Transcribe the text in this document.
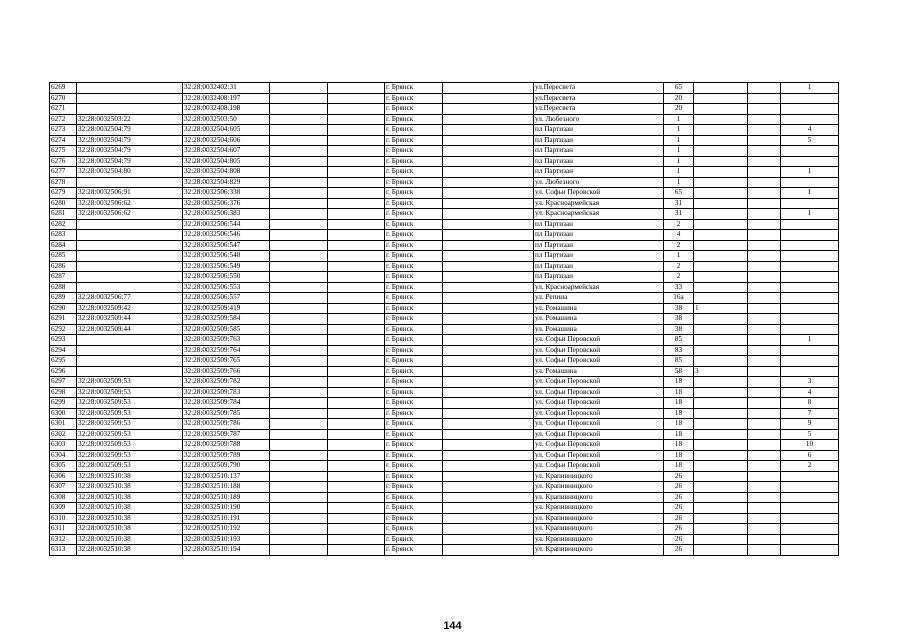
6269		32:28:0032402:31			г. Брянск		ул.Пересвета	65			1
6270		32:28:0032408:197			г. Брянск		ул.Пересвета	20			
6271		32:28:0032408:198			г. Брянск		ул.Пересвета	20			
6272	32:28:0032503:22	32:28:0032503:50			г. Брянск		ул. Любезного	1			
6273	32:28:0032504:79	32:28:0032504:605			г. Брянск		пл Партизан	1			4
6274	32:28:0032504:79	32:28:0032504:606			г. Брянск		пл Партизан	1			5
6275	32:28:0032504:79	32:28:0032504:607			г. Брянск		пл Партизан	1			
6276	32:28:0032504:79	32:28:0032504:805			г. Брянск		пл Партизан	1			
6277	32:28:0032504:80	32:28:0032504:808			г. Брянск		пл Партизан	1			1
6278		32:28:0032504:829			г. Брянск		ул. Любезного	1			
6279	32:28:0032506:91	32:28:0032506:338			г. Брянск		ул. Софьи Перовской	65			1
6280	32:28:0032506:62	32:28:0032506:376			г. Брянск		ул. Красноармейская	31			
6281	32:28:0032506:62	32:28:0032506:383			г. Брянск		ул. Красноармейская	31			1
6282		32:28:0032506:544			г. Брянск		пл Партизан	2			
6283		32:28:0032506:546			г. Брянск		пл Партизан	4			
6284		32:28:0032506:547			г. Брянск		пл Партизан	2			
6285		32:28:0032506:548			г. Брянск		пл Партизан	1			
6286		32:28:0032506:549			г. Брянск		пл Партизан	2			
6287		32:28:0032506:550			г. Брянск		пл Партизан	2			
6288		32:28:0032506:553			г. Брянск		ул. Красноармейская	33			
6289	32:28:0032506:77	32:28:0032506:557			г. Брянск		ул. Репина	16а			
6290	32:28:0032509:42	32:28:0032509:419			г. Брянск		ул. Ромашина	38	1		
6291	32:28:0032509:44	32:28:0032509:584			г. Брянск		ул. Ромашина	38			
6292	32:28:0032509:44	32:28:0032509:585			г. Брянск		ул. Ромашина	38			
6293		32:28:0032509:763			г. Брянск		ул. Софьи Перовской	85			1
6294		32:28:0032509:764			г. Брянск		ул. Софьи Перовской	83			
6295		32:28:0032509:765			г. Брянск		ул. Софьи Перовской	85			
6296		32:28:0032509:766			г. Брянск		ул. Ромашина	58	3		
6297	32:28:0032509:53	32:28:0032509:782			г. Брянск		ул. Софьи Перовской	18			3
6298	32:28:0032509:53	32:28:0032509:783			г. Брянск		ул. Софьи Перовской	18			4
6299	32:28:0032509:53	32:28:0032509:784			г. Брянск		ул. Софьи Перовской	18			8
6300	32:28:0032509:53	32:28:0032509:785			г. Брянск		ул. Софьи Перовской	18			7
6301	32:28:0032509:53	32:28:0032509:786			г. Брянск		ул. Софьи Перовской	18			9
6302	32:28:0032509:53	32:28:0032509:787			г. Брянск		ул. Софьи Перовской	18			5
6303	32:28:0032509:53	32:28:0032509:788			г. Брянск		ул. Софьи Перовской	18			10
6304	32:28:0032509:53	32:28:0032509:789			г. Брянск		ул. Софьи Перовской	18			6
6305	32:28:0032509:53	32:28:0032509:790			г. Брянск		ул. Софьи Перовской	18			2
6306	32:28:0032510:38	32:28:0032510:137			г. Брянск		ул. Крапивницкого	26			
6307	32:28:0032510:38	32:28:0032510:188			г. Брянск		ул. Крапивницкого	26			
6308	32:28:0032510:38	32:28:0032510:189			г. Брянск		ул. Крапивницкого	26			
6309	32:28:0032510:38	32:28:0032510:190			г. Брянск		ул. Крапивницкого	26			
6310	32:28:0032510:38	32:28:0032510:191			г. Брянск		ул. Крапивницкого	26			
6311	32:28:0032510:38	32:28:0032510:192			г. Брянск		ул. Крапивницкого	26			
6312	32:28:0032510:38	32:28:0032510:193			г. Брянск		ул. Крапивницкого	26			
6313	32:28:0032510:38	32:28:0032510:194			г. Брянск		ул. Крапивницкого	26			
144
